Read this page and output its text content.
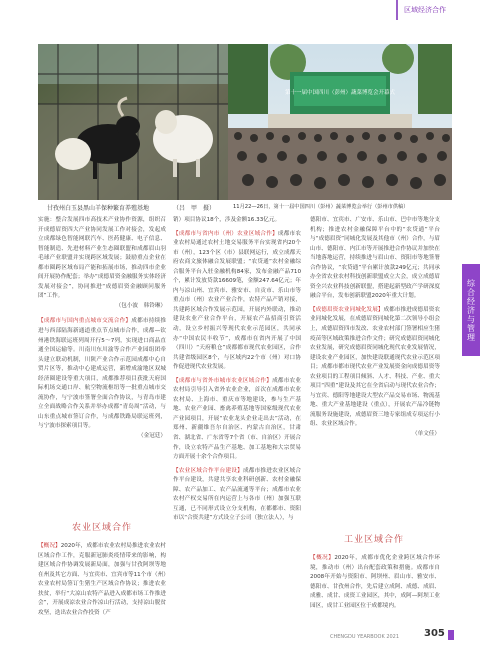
区域经济合作
第十一届中国四川（彭州）蔬菜博览会开幕式
甘孜州白玉县黑山羊保种繁育养殖基地	（吕　甲　摄）	11月22—26日，第十一届中国四川（彭州）蔬菜博览会举行（彭州市供稿）

实施：整合发展四市高技术产业协作资源，组织召开成德眉资四大产业协同发展工作对接会，发起成立成都绿色智能网联汽车、医药健康、电子信息、智能制造、先进材料产业生态圈联盟和成都眉山羽毛球产业联盟并实现跨区域发展；鼓励重点企业在都市圈跨区域布局产能和拓展市场，推动四市企业间开展协作配套；举办“成德眉资金融服务实体经济发展对接会”，协同推进“成德眉资金融顾问服务团”工作。

（包小波　韩铃琳）

【成都市与国内重点城市交流合作】成都市持续推进与西部陆海新通道重点节点城市合作，成都—钦州港铁海联运班列周开行5～7列，实现进口商品直通全国运输等。川南川东川渝等合作产业园组团牵头建立联动机制，川陕产业合作示范园成都中心自贸片区等，推动中心建成运营，新增成渝地区双城经济圈建设等重大项目，成都推荐项目获批天府国际机场交通口岸、航空物流枢纽等一批重点城市交流协作，与宁波市签署全面合作协议，与青岛市建立全面战略合作关系并举办成都“青岛周”活动，与山东重点城市签订合作，与成都铁路局联运班列，与宁波市探索项目等。

（金冠廷）

农业区域合作

【概况】2020年，成都市农业农村局推进农业农村区域合作工作，克服新冠肺炎疫情带来的影响，构建区域合作协调发展新局面，加强与甘孜阿坝等地在州及其它方面、与宜宾市、宜宾市等11个市（州）农业农村局签订生猪生产区域合作协议；推进农业扶贫，举行“大凉山农特产品进入成都市场工作推进会”，开展成凉农业合作凉山行活动，支持凉山脱贫攻坚，迭出农业合作投资（产

销）项目协议18个，涉及金额16.33亿元。

【成都市与省内市（州）农业区域合作】成都市农业农村局通过农村土地交易服务平台实现省内20个市（州），123个区（市）县联网运行，成立成都天府农商文旅体融合发展联盟；“农贷通”农村金融综合服务平台入驻金融机构84家，发布金融产品710个，累计发放贷款16609笔，金额247.64亿元；年内与凉山州、宜宾市、雅安市、自贡市、乐山市等重点市（州）农业产业合作，农特产品产销对接，共建跨区域合作发展示范园，开展内外联动，推动建设农业产业合作平台，开展农产品招商引资活动，设立乡村振兴等现代农业示范园区，共同承办“中国农民丰收节”，成都市在省内开展了中国（四川）“天府粮仓”成都都市现代农业园区，合作共建省级园区8个，与区域内22个市（州）对口协作促进现代农业发展。

【成都市与省外市城市农业区域合作】成都市农业农村局引导引入省外农业企业，首次在成都市农业农村局、上海市、重庆市等地建设，参与生产基地、农业产业园、畜禽养殖基地等国家级现代农业产业园项目，开展“农业龙头企业走出去”活动，在郑州、新疆维吾尔自治区、内蒙古自治区，甘肃省、湖北省、广东省等7个省（市、自治区）开展合作，设立农特产品生产基地、加工基地和大宗贸易方面开展十余个合作项目。

【农业区域合作平台建设】成都市推进农业区域合作平台建设，共建共享农业科研创新、农村金融保障、农产品加工、农产品流通等平台；成都市农业农村产权交易所在内运营上与各市（州）加强互联互通，已不同形式设立分支机构，在都都市、资阳市以“合资共建”方式设立子公司（独立法人），与

德阳市、宜宾市、广安市、乐山市、巴中市等地分支机构；推进农村金融保障平台中的“农贷通”平台与“成德眉资”同城化发展及其他市（州）合作，与眉山市、德阳市、内江市等开展推进合作协议并加快在当地落地运营，持续推进与眉山市、资阳市等地签署合作协议，“农贷通”平台累计放款249亿元；共同承办全省农业农村科技创新联盟成立大会，成立成德眉资全兴农业科技创新联盟，搭建起新型政产学研深度融合平台，发布创新联盟2020年重大计划。

【成德眉资农业同城化发展】成都市推进成德眉资农业同城化发展，在成德眉资同城化第二次领导小组会上，成德眉资四市发改、农业农村部门签署相应生猪疫苗等区域政策推进合作文件；研究成德眉资同城化农业发展，研究成德眉资同城化现代农业发展情况，建设农业产业园区，加快建设联通现代农业示范区项目；成都市都市现代农业产业发展资金向成德眉资等农业项目的工程项目倾斜、人才、科技、产业、重大项目“四重”建设及其它在全省启动与现代农业合作；与宜宾、德阳等地建设大型农产品交易市场、物流基地、重大产业基地建设（重点），开展农产品冷链物流服务设施建设，成德眉资三地专家组成专项运行小组、农业区域合作。

（单文佳）

工业区域合作

【概况】2020年，成都市优化企业跨区域合作环境，推动市（州）出台配套政策和措施。成都市自2008年开始与资阳市、阿坝州、眉山市、雅安市、德阳市、甘孜州合作，先后建立成阿、成德、成眉、成雅、成甘、成资工业园区，其中，成阿—阿坝工业园区，成甘工业园区位于成都境内。

综合经济与管理
CHENGDU YEARBOOK 2021 305
